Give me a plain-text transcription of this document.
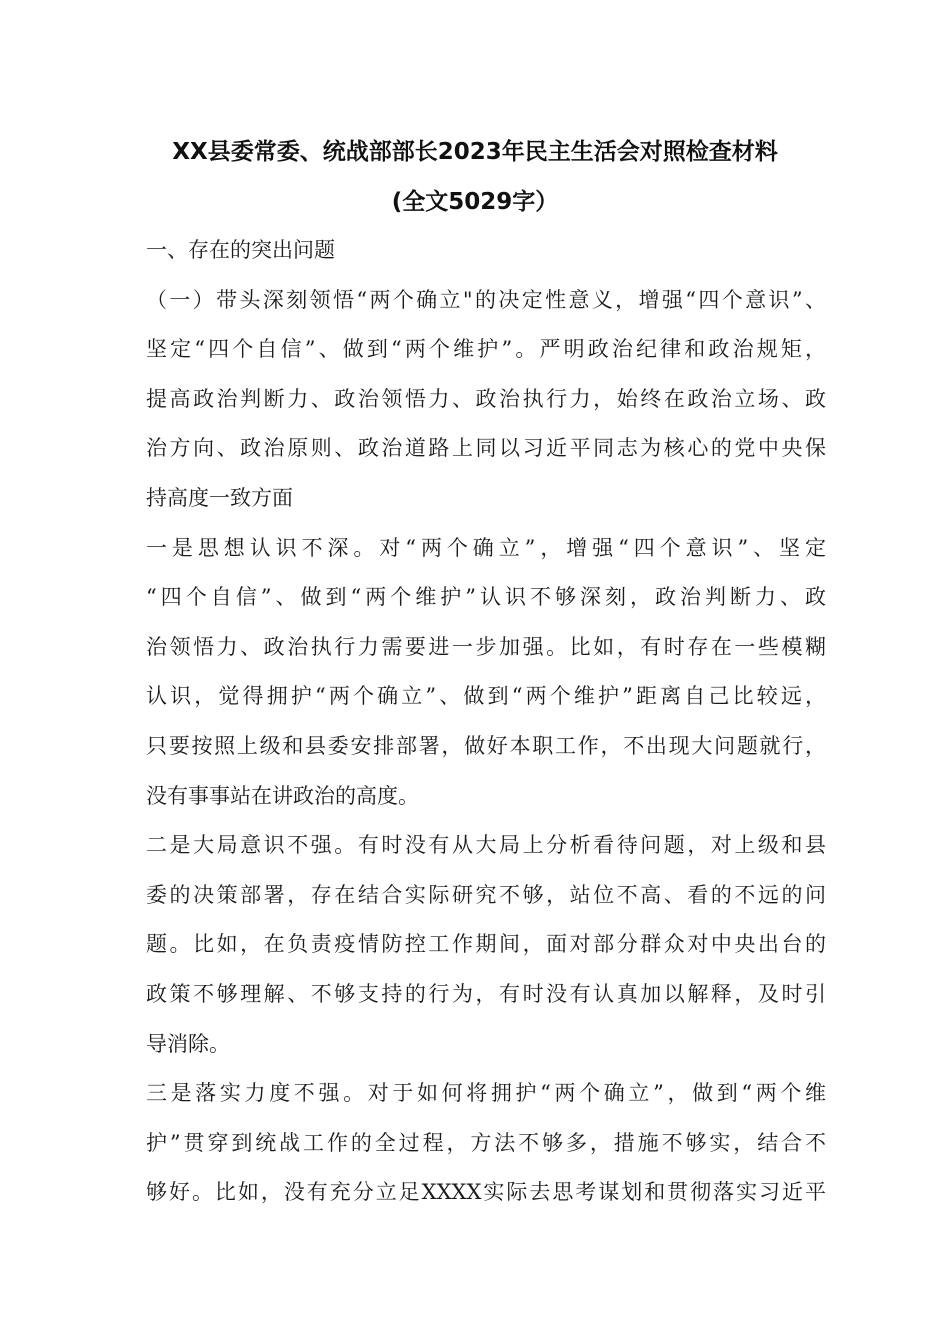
XX县委常委、统战部部长2023年民主生活会对照检查材料
(全文5029字）
一、存在的突出问题
（一）带头深刻领悟“两个确立"的决定性意义，增强“四个意识”、
坚定“四个自信”、做到“两个维护”。严明政治纪律和政治规矩，
提高政治判断力、政治领悟力、政治执行力，始终在政治立场、政
治方向、政治原则、政治道路上同以习近平同志为核心的党中央保
持高度一致方面
一是思想认识不深。对“两个确立”，增强“四个意识”、坚定
“四个自信”、做到“两个维护”认识不够深刻，政治判断力、政
治领悟力、政治执行力需要进一步加强。比如，有时存在一些模糊
认识，觉得拥护“两个确立”、做到“两个维护”距离自己比较远，
只要按照上级和县委安排部署，做好本职工作，不出现大问题就行，
没有事事站在讲政治的高度。
二是大局意识不强。有时没有从大局上分析看待问题，对上级和县
委的决策部署，存在结合实际研究不够，站位不高、看的不远的问
题。比如，在负责疫情防控工作期间，面对部分群众对中央出台的
政策不够理解、不够支持的行为，有时没有认真加以解释，及时引
导消除。
三是落实力度不强。对于如何将拥护“两个确立”，做到“两个维
护”贯穿到统战工作的全过程，方法不够多，措施不够实，结合不
够好。比如，没有充分立足XXXX实际去思考谋划和贯彻落实习近平
